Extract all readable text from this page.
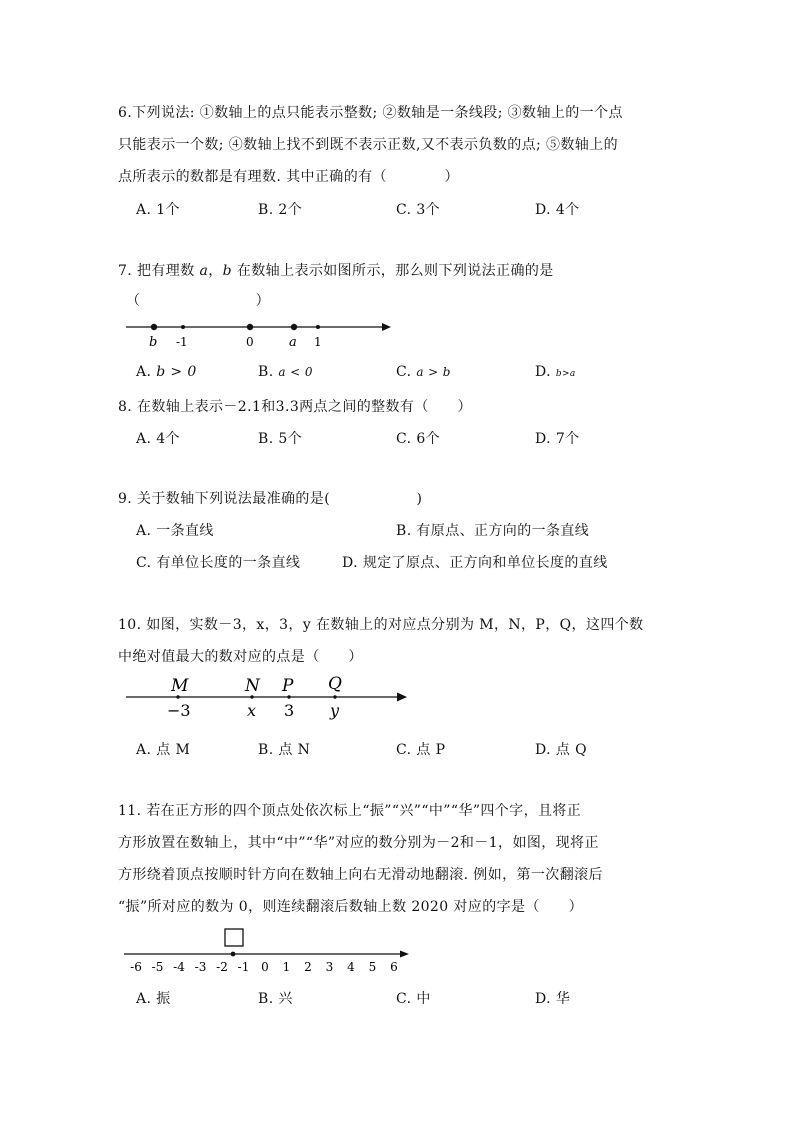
6.下列说法: ①数轴上的点只能表示整数; ②数轴是一条线段; ③数轴上的一个点
只能表示一个数; ④数轴上找不到既不表示正数,又不表示负数的点; ⑤数轴上的
点所表示的数都是有理数. 其中正确的有（　　　　）
A. 1个	B. 2个	C. 3个	D. 4个
7. 把有理数 a，b 在数轴上表示如图所示，那么则下列说法正确的是
（　　　　　　　　）
b -1	0	a 1
A. b > 0	B. a < 0	C. a > b	D. b>a
8. 在数轴上表示－2.1和3.3两点之间的整数有（　　）
A. 4个	B. 5个	C. 6个	D. 7个
9. 关于数轴下列说法最准确的是(　　　　　　)
A. 一条直线	B. 有原点、正方向的一条直线
C. 有单位长度的一条直线	D. 规定了原点、正方向和单位长度的直线
10. 如图，实数－3，x，3，y 在数轴上的对应点分别为 M，N，P，Q，这四个数
中绝对值最大的数对应的点是（　　）
M	N P Q
−3	x 3 y
A. 点 M	B. 点 N	C. 点 P	D. 点 Q
11. 若在正方形的四个顶点处依次标上“振”“兴”“中”“华”四个字，且将正
方形放置在数轴上，其中“中”“华”对应的数分别为－2和－1，如图，现将正
方形绕着顶点按顺时针方向在数轴上向右无滑动地翻滚. 例如，第一次翻滚后
“振”所对应的数为 0，则连续翻滚后数轴上数 2020 对应的字是（　　）
-6 -5 -4 -3 -2 -1 0 1 2 3 4 5 6
A. 振	B. 兴	C. 中	D. 华
